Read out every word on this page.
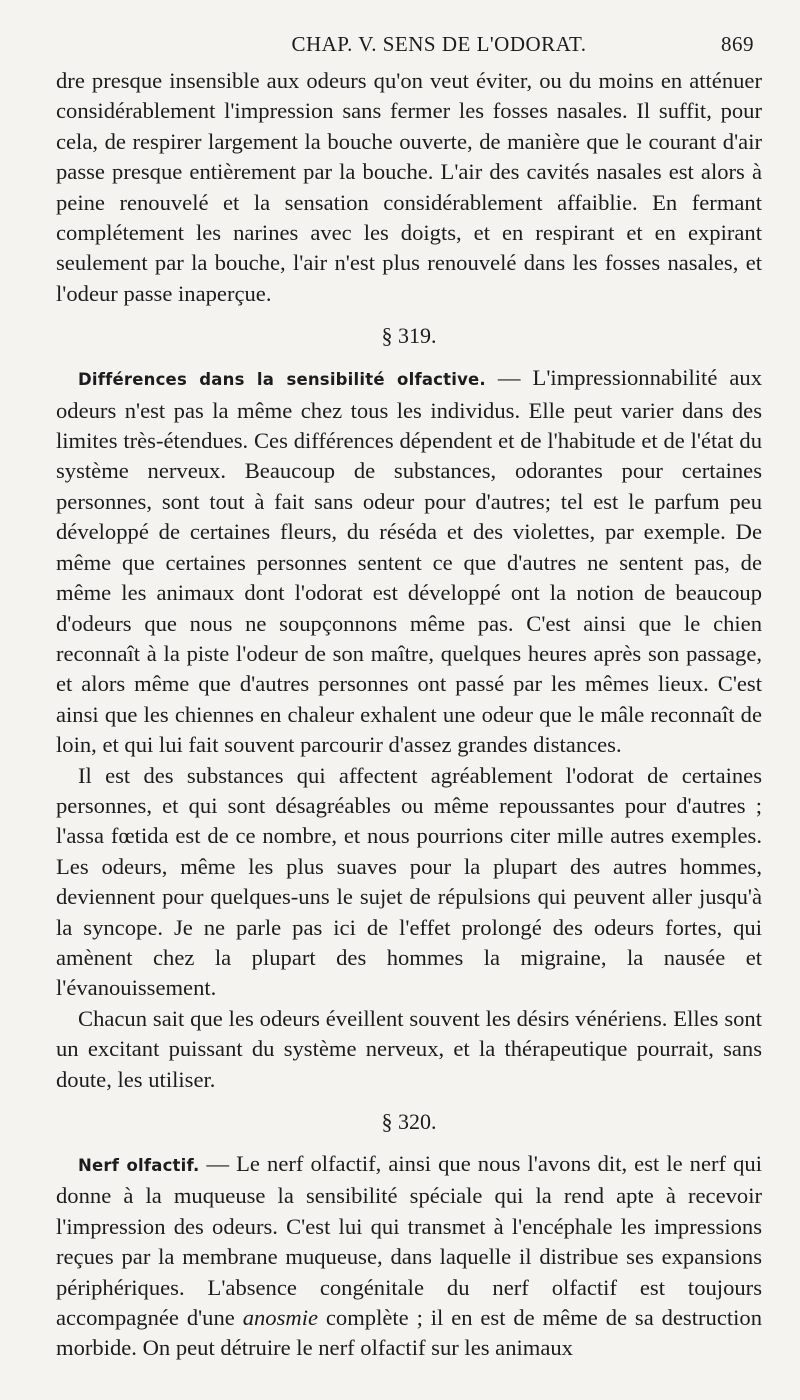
CHAP. V. SENS DE L'ODORAT.	869

dre presque insensible aux odeurs qu'on veut éviter, ou du moins en atténuer considérablement l'impression sans fermer les fosses nasales. Il suffit, pour cela, de respirer largement la bouche ouverte, de manière que le courant d'air passe presque entièrement par la bouche. L'air des cavités nasales est alors à peine renouvelé et la sensation considérablement affaiblie. En fermant complétement les narines avec les doigts, et en respirant et en expirant seulement par la bouche, l'air n'est plus renouvelé dans les fosses nasales, et l'odeur passe inaperçue.

§ 319.

Différences dans la sensibilité olfactive. — L'impressionnabilité aux odeurs n'est pas la même chez tous les individus. Elle peut varier dans des limites très-étendues. Ces différences dépendent et de l'habitude et de l'état du système nerveux. Beaucoup de substances, odorantes pour certaines personnes, sont tout à fait sans odeur pour d'autres; tel est le parfum peu développé de certaines fleurs, du réséda et des violettes, par exemple. De même que certaines personnes sentent ce que d'autres ne sentent pas, de même les animaux dont l'odorat est développé ont la notion de beaucoup d'odeurs que nous ne soupçonnons même pas. C'est ainsi que le chien reconnaît à la piste l'odeur de son maître, quelques heures après son passage, et alors même que d'autres personnes ont passé par les mêmes lieux. C'est ainsi que les chiennes en chaleur exhalent une odeur que le mâle reconnaît de loin, et qui lui fait souvent parcourir d'assez grandes distances.

Il est des substances qui affectent agréablement l'odorat de certaines personnes, et qui sont désagréables ou même repoussantes pour d'autres ; l'assa fœtida est de ce nombre, et nous pourrions citer mille autres exemples. Les odeurs, même les plus suaves pour la plupart des autres hommes, deviennent pour quelques-uns le sujet de répulsions qui peuvent aller jusqu'à la syncope. Je ne parle pas ici de l'effet prolongé des odeurs fortes, qui amènent chez la plupart des hommes la migraine, la nausée et l'évanouissement.

Chacun sait que les odeurs éveillent souvent les désirs vénériens. Elles sont un excitant puissant du système nerveux, et la thérapeutique pourrait, sans doute, les utiliser.

§ 320.

Nerf olfactif. — Le nerf olfactif, ainsi que nous l'avons dit, est le nerf qui donne à la muqueuse la sensibilité spéciale qui la rend apte à recevoir l'impression des odeurs. C'est lui qui transmet à l'encéphale les impressions reçues par la membrane muqueuse, dans laquelle il distribue ses expansions périphériques. L'absence congénitale du nerf olfactif est toujours accompagnée d'une anosmie complète ; il en est de même de sa destruction morbide. On peut détruire le nerf olfactif sur les animaux
